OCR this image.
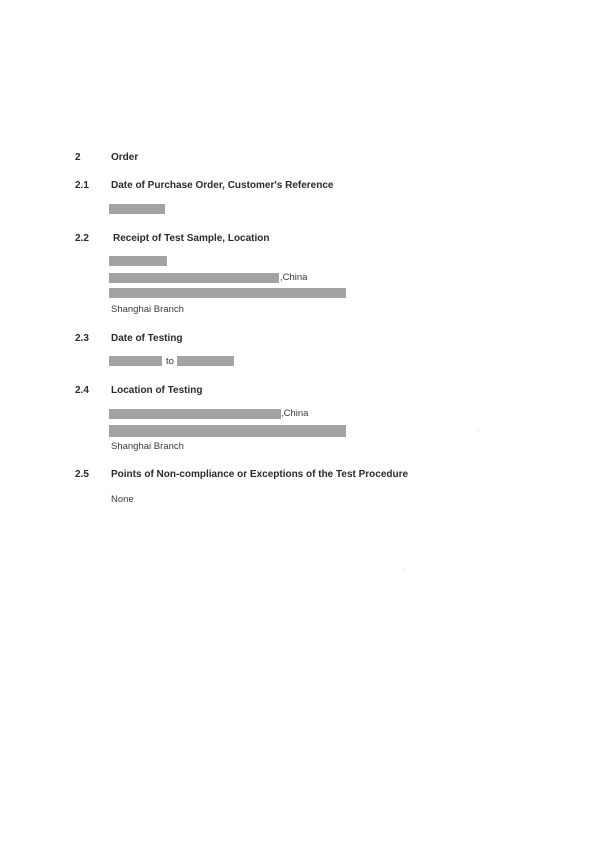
2	Order
2.1 Date of Purchase Order, Customer's Reference
2.2 Receipt of Test Sample, Location
,China
Shanghai Branch
2.3 Date of Testing
to
2.4 Location of Testing
,China
Shanghai Branch
2.5 Points of Non-compliance or Exceptions of the Test Procedure
None
